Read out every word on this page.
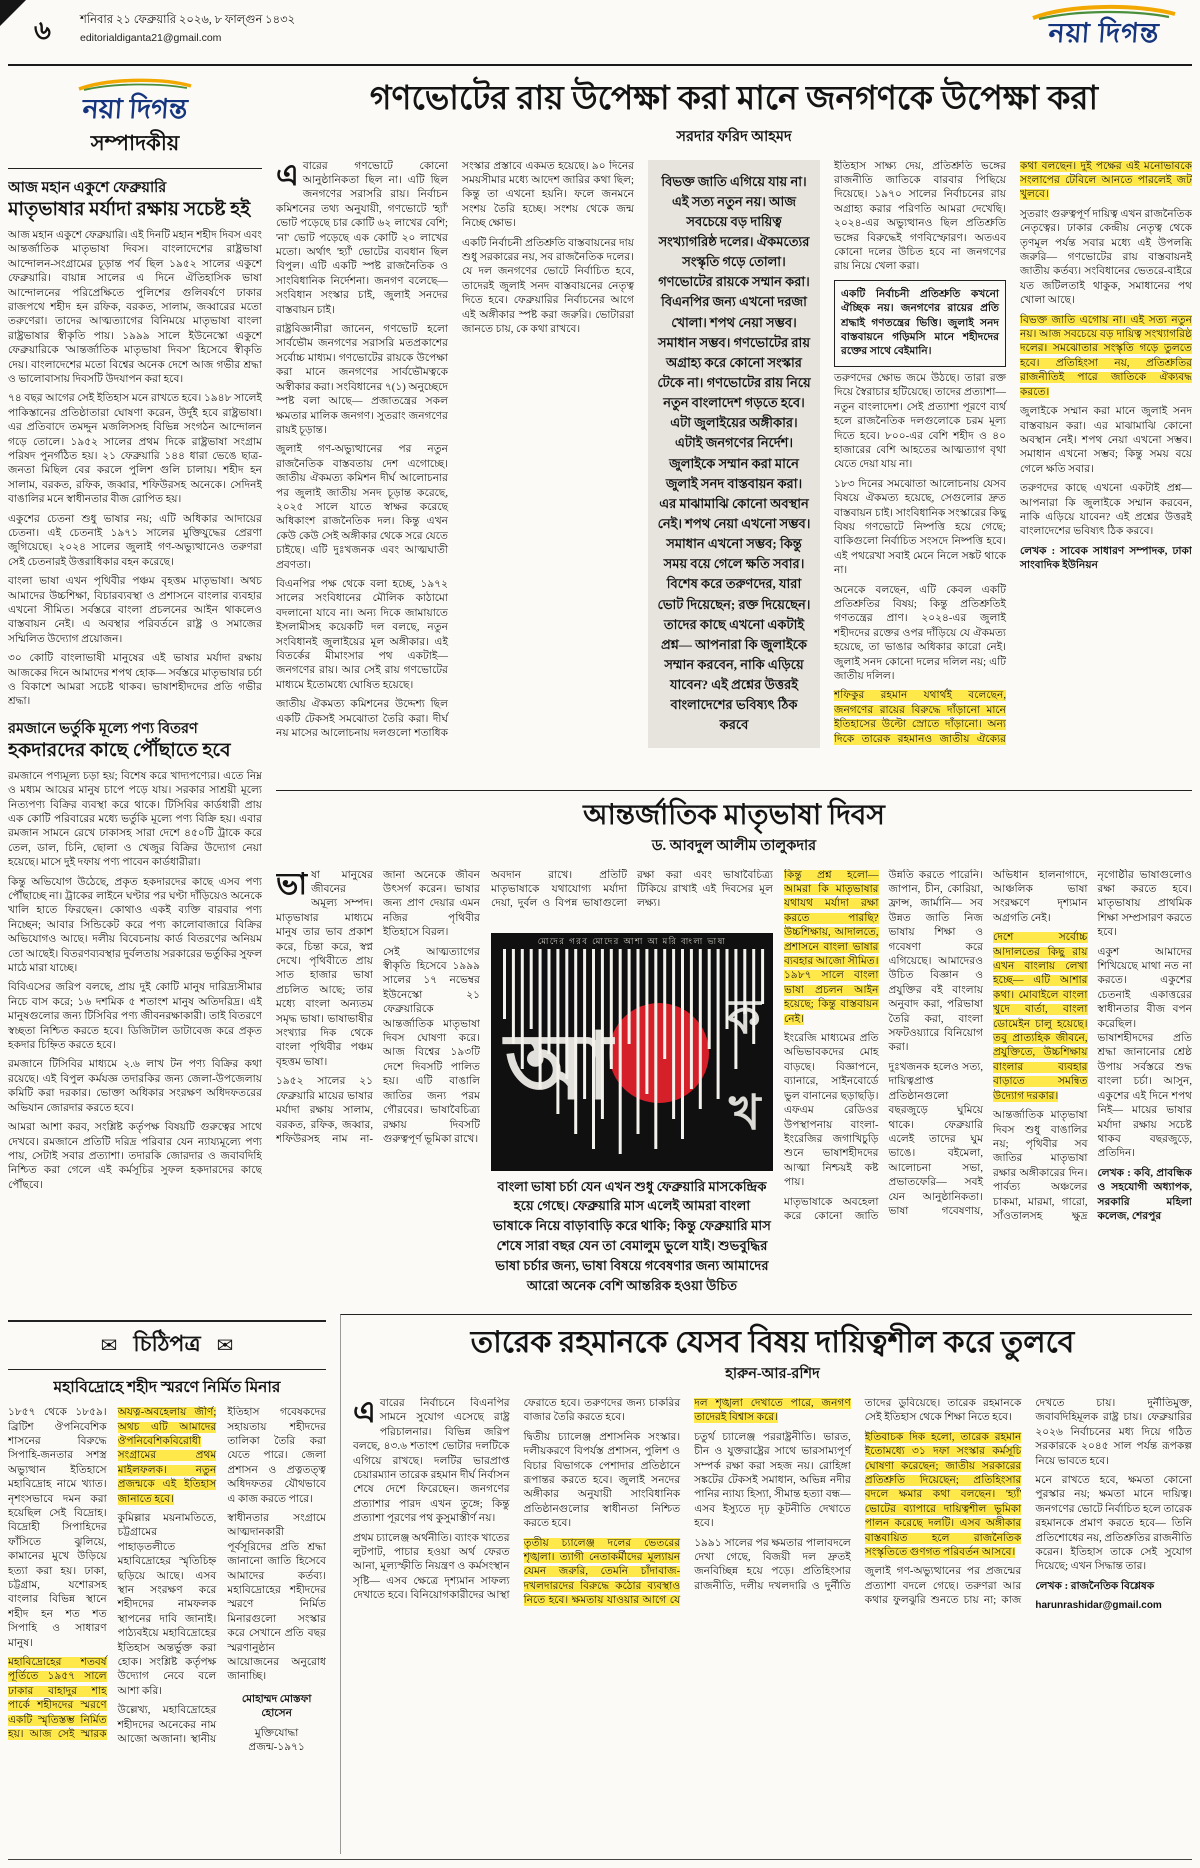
৬	শনিবার ২১ ফেব্রুয়ারি ২০২৬, ৮ ফাল্গুন ১৪৩২
editorialdiganta21@gmail.com	নয়া দিগন্ত
নয়া দিগন্ত
সম্পাদকীয়
আজ মহান একুশে ফেব্রুয়ারি
মাতৃভাষার মর্যাদা রক্ষায় সচেষ্ট হই

আজ মহান একুশে ফেব্রুয়ারি। এই দিনটি মহান শহীদ দিবস এবং আন্তর্জাতিক মাতৃভাষা দিবস। বাংলাদেশের রাষ্ট্রভাষা আন্দোলন-সংগ্রামের চূড়ান্ত পর্ব ছিল ১৯৫২ সালের একুশে ফেব্রুয়ারি। বায়ান্ন সালের এ দিনে ঐতিহাসিক ভাষা আন্দোলনের পরিপ্রেক্ষিতে পুলিশের গুলিবর্ষণে ঢাকার রাজপথে শহীদ হন রফিক, বরকত, সালাম, জব্বারের মতো তরুণেরা। তাদের আত্মত্যাগের বিনিময়ে মাতৃভাষা বাংলা রাষ্ট্রভাষার স্বীকৃতি পায়। ১৯৯৯ সালে ইউনেস্কো একুশে ফেব্রুয়ারিকে 'আন্তর্জাতিক মাতৃভাষা দিবস' হিসেবে স্বীকৃতি দেয়। বাংলাদেশের মতো বিশ্বের অনেক দেশে আজ গভীর শ্রদ্ধা ও ভালোবাসায় দিবসটি উদযাপন করা হবে।

৭৪ বছর আগের সেই ইতিহাস মনে রাখতে হবে। ১৯৪৮ সালেই পাকিস্তানের প্রতিষ্ঠাতারা ঘোষণা করেন, উর্দুই হবে রাষ্ট্রভাষা। এর প্রতিবাদে তমদ্দুন মজলিসসহ বিভিন্ন সংগঠন আন্দোলন গড়ে তোলে। ১৯৫২ সালের প্রথম দিকে রাষ্ট্রভাষা সংগ্রাম পরিষদ পুনর্গঠিত হয়। ২১ ফেব্রুয়ারি ১৪৪ ধারা ভেঙে ছাত্র-জনতা মিছিল বের করলে পুলিশ গুলি চালায়। শহীদ হন সালাম, বরকত, রফিক, জব্বার, শফিউরসহ অনেকে। সেদিনই বাঙালির মনে স্বাধীনতার বীজ রোপিত হয়।

একুশের চেতনা শুধু ভাষার নয়; এটি অধিকার আদায়ের চেতনা। এই চেতনাই ১৯৭১ সালের মুক্তিযুদ্ধের প্রেরণা জুগিয়েছে। ২০২৪ সালের জুলাই গণ-অভ্যুত্থানেও তরুণরা সেই চেতনারই উত্তরাধিকার বহন করেছে।

বাংলা ভাষা এখন পৃথিবীর পঞ্চম বৃহত্তম মাতৃভাষা। অথচ আমাদের উচ্চশিক্ষা, বিচারব্যবস্থা ও প্রশাসনে বাংলার ব্যবহার এখনো সীমিত। সর্বস্তরে বাংলা প্রচলনের আইন থাকলেও বাস্তবায়ন নেই। এ অবস্থার পরিবর্তনে রাষ্ট্র ও সমাজের সম্মিলিত উদ্যোগ প্রয়োজন।

৩০ কোটি বাংলাভাষী মানুষের এই ভাষার মর্যাদা রক্ষায় আজকের দিনে আমাদের শপথ হোক— সর্বস্তরে মাতৃভাষার চর্চা ও বিকাশে আমরা সচেষ্ট থাকব। ভাষাশহীদদের প্রতি গভীর শ্রদ্ধা।

রমজানে ভর্তুকি মূল্যে পণ্য বিতরণ
হকদারদের কাছে পৌঁছাতে হবে

রমজানে পণ্যমূল্য চড়া হয়; বিশেষ করে খাদ্যপণ্যের। এতে নিম্ন ও মধ্যম আয়ের মানুষ চাপে পড়ে যায়। সরকার সাশ্রয়ী মূল্যে নিত্যপণ্য বিক্রির ব্যবস্থা করে থাকে। টিসিবির কার্ডধারী প্রায় এক কোটি পরিবারের মধ্যে ভর্তুকি মূল্যে পণ্য বিক্রি হয়। এবার রমজান সামনে রেখে ঢাকাসহ সারা দেশে ৪৫০টি ট্রাকে করে তেল, ডাল, চিনি, ছোলা ও খেজুর বিক্রির উদ্যোগ নেয়া হয়েছে। মাসে দুই দফায় পণ্য পাবেন কার্ডধারীরা।

কিন্তু অভিযোগ উঠেছে, প্রকৃত হকদারদের কাছে এসব পণ্য পৌঁছাচ্ছে না। ট্রাকের লাইনে ঘণ্টার পর ঘণ্টা দাঁড়িয়েও অনেকে খালি হাতে ফিরছেন। কোথাও একই ব্যক্তি বারবার পণ্য নিচ্ছেন; আবার সিন্ডিকেট করে পণ্য কালোবাজারে বিক্রির অভিযোগও আছে। দলীয় বিবেচনায় কার্ড বিতরণের অনিয়ম তো আছেই। বিতরণব্যবস্থার দুর্বলতায় সরকারের ভর্তুকির সুফল মাঠে মারা যাচ্ছে।

বিবিএসের জরিপ বলছে, প্রায় দুই কোটি মানুষ দারিদ্র্যসীমার নিচে বাস করে; ১৬ দশমিক ৫ শতাংশ মানুষ অতিদরিদ্র। এই মানুষগুলোর জন্য টিসিবির পণ্য জীবনরক্ষাকারী। তাই বিতরণে স্বচ্ছতা নিশ্চিত করতে হবে। ডিজিটাল ডাটাবেজ করে প্রকৃত হকদার চিহ্নিত করতে হবে।

রমজানে টিসিবির মাধ্যমে ২.৬ লাখ টন পণ্য বিক্রির কথা রয়েছে। এই বিপুল কর্মযজ্ঞ তদারকির জন্য জেলা-উপজেলায় কমিটি করা দরকার। ভোক্তা অধিকার সংরক্ষণ অধিদফতরের অভিযান জোরদার করতে হবে।

আমরা আশা করব, সংশ্লিষ্ট কর্তৃপক্ষ বিষয়টি গুরুত্বের সাথে দেখবে। রমজানে প্রতিটি দরিদ্র পরিবার যেন ন্যায্যমূল্যে পণ্য পায়, সেটাই সবার প্রত্যাশা। তদারকি জোরদার ও জবাবদিহি নিশ্চিত করা গেলে এই কর্মসূচির সুফল হকদারদের কাছে পৌঁছবে।

✉ চিঠিপত্র ✉
মহাবিদ্রোহে শহীদ স্মরণে নির্মিত মিনার

১৮৫৭ থেকে ১৮৫৯। ব্রিটিশ ঔপনিবেশিক শাসনের বিরুদ্ধে সিপাহি-জনতার সশস্ত্র অভ্যুত্থান ইতিহাসে মহাবিদ্রোহ নামে খ্যাত। নৃশংসভাবে দমন করা হয়েছিল সেই বিদ্রোহ। বিদ্রোহী সিপাহিদের ফাঁসিতে ঝুলিয়ে, কামানের মুখে উড়িয়ে হত্যা করা হয়। ঢাকা, চট্টগ্রাম, যশোরসহ বাংলার বিভিন্ন স্থানে শহীদ হন শত শত সিপাহি ও সাধারণ মানুষ।

মহাবিদ্রোহের শতবর্ষ পূর্তিতে ১৯৫৭ সালে ঢাকার বাহাদুর শাহ পার্কে শহীদদের স্মরণে একটি স্মৃতিস্তম্ভ নির্মিত হয়। আজ সেই স্মারক অযত্ন-অবহেলায় জীর্ণ; অথচ এটি আমাদের ঔপনিবেশিকবিরোধী সংগ্রামের প্রথম মাইলফলক। নতুন প্রজন্মকে এই ইতিহাস জানাতে হবে।

কুমিল্লার ময়নামতিতে, চট্টগ্রামের পাহাড়তলীতে মহাবিদ্রোহের স্মৃতিচিহ্ন ছড়িয়ে আছে। এসব স্থান সংরক্ষণ করে শহীদদের নামফলক স্থাপনের দাবি জানাই। পাঠ্যবইয়ে মহাবিদ্রোহের ইতিহাস অন্তর্ভুক্ত করা হোক। সংশ্লিষ্ট কর্তৃপক্ষ উদ্যোগ নেবে বলে আশা করি।

উল্লেখ্য, মহাবিদ্রোহের শহীদদের অনেকের নাম আজো অজানা। স্থানীয় ইতিহাস গবেষকদের সহায়তায় শহীদদের তালিকা তৈরি করা যেতে পারে। জেলা প্রশাসন ও প্রত্নতত্ত্ব অধিদফতর যৌথভাবে এ কাজ করতে পারে।

স্বাধীনতার সংগ্রামে আত্মদানকারী পূর্বসূরিদের প্রতি শ্রদ্ধা জানানো জাতি হিসেবে আমাদের কর্তব্য। মহাবিদ্রোহের শহীদদের স্মরণে নির্মিত মিনারগুলো সংস্কার করে সেখানে প্রতি বছর স্মরণানুষ্ঠান আয়োজনের অনুরোধ জানাচ্ছি।

মোহাম্মদ মোস্তফা হোসেন

মুক্তিযোদ্ধা প্রজন্ম-১৯৭১

গণভোটের রায় উপেক্ষা করা মানে জনগণকে উপেক্ষা করা
সরদার ফরিদ আহমদ

এবারের গণভোটে কোনো আনুষ্ঠানিকতা ছিল না। এটি ছিল জনগণের সরাসরি রায়। নির্বাচন কমিশনের তথ্য অনুযায়ী, গণভোটে 'হ্যাঁ' ভোট পড়েছে চার কোটি ৬২ লাখের বেশি; 'না' ভোট পড়েছে এক কোটি ২০ লাখের মতো। অর্থাৎ 'হ্যাঁ' ভোটের ব্যবধান ছিল বিপুল। এটি একটি স্পষ্ট রাজনৈতিক ও সাংবিধানিক নির্দেশনা। জনগণ বলেছে— সংবিধান সংস্কার চাই, জুলাই সনদের বাস্তবায়ন চাই।

রাষ্ট্রবিজ্ঞানীরা জানেন, গণভোট হলো সার্বভৌম জনগণের সরাসরি মতপ্রকাশের সর্বোচ্চ মাধ্যম। গণভোটের রায়কে উপেক্ষা করা মানে জনগণের সার্বভৌমত্বকে অস্বীকার করা। সংবিধানের ৭(১) অনুচ্ছেদে স্পষ্ট বলা আছে— প্রজাতন্ত্রের সকল ক্ষমতার মালিক জনগণ। সুতরাং জনগণের রায়ই চূড়ান্ত।

জুলাই গণ-অভ্যুত্থানের পর নতুন রাজনৈতিক বাস্তবতায় দেশ এগোচ্ছে। জাতীয় ঐকমত্য কমিশন দীর্ঘ আলোচনার পর জুলাই জাতীয় সনদ চূড়ান্ত করেছে, ২০২৫ সালে যাতে স্বাক্ষর করেছে অধিকাংশ রাজনৈতিক দল। কিন্তু এখন কেউ কেউ সেই অঙ্গীকার থেকে সরে যেতে চাইছে। এটি দুঃখজনক এবং আত্মঘাতী প্রবণতা।

বিএনপির পক্ষ থেকে বলা হচ্ছে, ১৯৭২ সালের সংবিধানের মৌলিক কাঠামো বদলানো যাবে না। অন্য দিকে জামায়াতে ইসলামীসহ কয়েকটি দল বলছে, নতুন সংবিধানই জুলাইয়ের মূল অঙ্গীকার। এই বিতর্কের মীমাংসার পথ একটাই— জনগণের রায়। আর সেই রায় গণভোটের মাধ্যমে ইতোমধ্যে ঘোষিত হয়েছে।

জাতীয় ঐকমত্য কমিশনের উদ্দেশ্য ছিল একটি টেকসই সমঝোতা তৈরি করা। দীর্ঘ নয় মাসের আলোচনায় দলগুলো শতাধিক সংস্কার প্রস্তাবে একমত হয়েছে। ৯০ দিনের সময়সীমার মধ্যে আদেশ জারির কথা ছিল; কিন্তু তা এখনো হয়নি। ফলে জনমনে সংশয় তৈরি হচ্ছে। সংশয় থেকে জন্ম নিচ্ছে ক্ষোভ।

একটি নির্বাচনী প্রতিশ্রুতি বাস্তবায়নের দায় শুধু সরকারের নয়, সব রাজনৈতিক দলের। যে দল জনগণের ভোটে নির্বাচিত হবে, তাদেরই জুলাই সনদ বাস্তবায়নের নেতৃত্ব দিতে হবে। ফেব্রুয়ারির নির্বাচনের আগে এই অঙ্গীকার স্পষ্ট করা জরুরি। ভোটাররা জানতে চায়, কে কথা রাখবে।

বিভক্ত জাতি এগিয়ে যায় না। এই সত্য নতুন নয়। আজ সবচেয়ে বড় দায়িত্ব সংখ্যাগরিষ্ঠ দলের। ঐকমত্যের সংস্কৃতি গড়ে তোলা। গণভোটের রায়কে সম্মান করা। বিএনপির জন্য এখনো দরজা খোলা। শপথ নেয়া সম্ভব। সমাধান সম্ভব। গণভোটের রায় অগ্রাহ্য করে কোনো সংস্কার টেকে না। গণভোটের রায় নিয়ে নতুন বাংলাদেশ গড়তে হবে। এটা জুলাইয়ের অঙ্গীকার। এটাই জনগণের নির্দেশ। জুলাইকে সম্মান করা মানে জুলাই সনদ বাস্তবায়ন করা। এর মাঝামাঝি কোনো অবস্থান নেই। শপথ নেয়া এখনো সম্ভব। সমাধান এখনো সম্ভব; কিন্তু সময় বয়ে গেলে ক্ষতি সবার। বিশেষ করে তরুণদের, যারা ভোট দিয়েছেন; রক্ত দিয়েছেন। তাদের কাছে এখনো একটাই প্রশ্ন— আপনারা কি জুলাইকে সম্মান করবেন, নাকি এড়িয়ে যাবেন? এই প্রশ্নের উত্তরই বাংলাদেশের ভবিষ্যৎ ঠিক করবে

ইতিহাস সাক্ষ্য দেয়, প্রতিশ্রুতি ভঙ্গের রাজনীতি জাতিকে বারবার পিছিয়ে দিয়েছে। ১৯৭০ সালের নির্বাচনের রায় অগ্রাহ্য করার পরিণতি আমরা দেখেছি। ২০২৪-এর অভ্যুত্থানও ছিল প্রতিশ্রুতি ভঙ্গের বিরুদ্ধেই গণবিস্ফোরণ। অতএব কোনো দলের উচিত হবে না জনগণের রায় নিয়ে খেলা করা।

একটি নির্বাচনী প্রতিশ্রুতি কখনো ঐচ্ছিক নয়। জনগণের রায়ের প্রতি শ্রদ্ধাই গণতন্ত্রের ভিত্তি। জুলাই সনদ বাস্তবায়নে গড়িমসি মানে শহীদদের রক্তের সাথে বেইমানি।

তরুণদের ক্ষোভ জমে উঠছে। তারা রক্ত দিয়ে স্বৈরাচার হটিয়েছে। তাদের প্রত্যাশা— নতুন বাংলাদেশ। সেই প্রত্যাশা পূরণে ব্যর্থ হলে রাজনৈতিক দলগুলোকে চরম মূল্য দিতে হবে। ৮০০-এর বেশি শহীদ ও ৪০ হাজারের বেশি আহতের আত্মত্যাগ বৃথা যেতে দেয়া যায় না।

১৮৩ দিনের সমঝোতা আলোচনায় যেসব বিষয়ে ঐকমত্য হয়েছে, সেগুলোর দ্রুত বাস্তবায়ন চাই। সাংবিধানিক সংস্কারের কিছু বিষয় গণভোটে নিষ্পত্তি হয়ে গেছে; বাকিগুলো নির্বাচিত সংসদে নিষ্পত্তি হবে। এই পথরেখা সবাই মেনে নিলে সঙ্কট থাকে না।

অনেকে বলছেন, এটি কেবল একটি প্রতিশ্রুতির বিষয়; কিন্তু প্রতিশ্রুতিই গণতন্ত্রের প্রাণ। ২০২৪-এর জুলাই শহীদদের রক্তের ওপর দাঁড়িয়ে যে ঐকমত্য হয়েছে, তা ভাঙার অধিকার কারো নেই। জুলাই সনদ কোনো দলের দলিল নয়; এটি জাতীয় দলিল।

শফিকুর রহমান যথার্থই বলেছেন, জনগণের রায়ের বিরুদ্ধে দাঁড়ানো মানে ইতিহাসের উল্টো স্রোতে দাঁড়ানো। অন্য দিকে তারেক রহমানও জাতীয় ঐক্যের কথা বলছেন। দুই পক্ষের এই মনোভাবকে সংলাপের টেবিলে আনতে পারলেই জট খুলবে।

সুতরাং গুরুত্বপূর্ণ দায়িত্ব এখন রাজনৈতিক নেতৃত্বের। ঢাকার কেন্দ্রীয় নেতৃত্ব থেকে তৃণমূল পর্যন্ত সবার মধ্যে এই উপলব্ধি জরুরি— গণভোটের রায় বাস্তবায়নই জাতীয় কর্তব্য। সংবিধানের ভেতরে-বাইরে যত জটিলতাই থাকুক, সমাধানের পথ খোলা আছে।

বিভক্ত জাতি এগোয় না। এই সত্য নতুন নয়। আজ সবচেয়ে বড় দায়িত্ব সংখ্যাগরিষ্ঠ দলের। সমঝোতার সংস্কৃতি গড়ে তুলতে হবে। প্রতিহিংসা নয়, প্রতিশ্রুতির রাজনীতিই পারে জাতিকে ঐক্যবদ্ধ করতে।

জুলাইকে সম্মান করা মানে জুলাই সনদ বাস্তবায়ন করা। এর মাঝামাঝি কোনো অবস্থান নেই। শপথ নেয়া এখনো সম্ভব। সমাধান এখনো সম্ভব; কিন্তু সময় বয়ে গেলে ক্ষতি সবার।

তরুণদের কাছে এখনো একটাই প্রশ্ন— আপনারা কি জুলাইকে সম্মান করবেন, নাকি এড়িয়ে যাবেন? এই প্রশ্নের উত্তরই বাংলাদেশের ভবিষ্যৎ ঠিক করবে।

লেখক : সাবেক সাধারণ সম্পাদক, ঢাকা সাংবাদিক ইউনিয়ন

আন্তর্জাতিক মাতৃভাষা দিবস
ড. আবদুল আলীম তালুকদার

ভাষা মানুষের জীবনের অমূল্য সম্পদ। মাতৃভাষার মাধ্যমে মানুষ তার ভাব প্রকাশ করে, চিন্তা করে, স্বপ্ন দেখে। পৃথিবীতে প্রায় সাত হাজার ভাষা প্রচলিত আছে; তার মধ্যে বাংলা অন্যতম সমৃদ্ধ ভাষা। ভাষাভাষীর সংখ্যার দিক থেকে বাংলা পৃথিবীর পঞ্চম বৃহত্তম ভাষা।

১৯৫২ সালের ২১ ফেব্রুয়ারি মায়ের ভাষার মর্যাদা রক্ষায় সালাম, বরকত, রফিক, জব্বার, শফিউরসহ নাম না-জানা অনেকে জীবন উৎসর্গ করেন। ভাষার জন্য প্রাণ দেয়ার এমন নজির পৃথিবীর ইতিহাসে বিরল।

সেই আত্মত্যাগের স্বীকৃতি হিসেবে ১৯৯৯ সালের ১৭ নভেম্বর ইউনেস্কো ২১ ফেব্রুয়ারিকে আন্তর্জাতিক মাতৃভাষা দিবস ঘোষণা করে। আজ বিশ্বের ১৯৩টি দেশে দিবসটি পালিত হয়। এটি বাঙালি জাতির জন্য পরম গৌরবের। ভাষাবৈচিত্র্য রক্ষায় দিবসটি গুরুত্বপূর্ণ ভূমিকা রাখে।

অবদান রাখে। প্রতিটি মাতৃভাষাকে যথাযোগ্য মর্যাদা দেয়া, দুর্বল ও বিপন্ন ভাষাগুলো রক্ষা করা এবং ভাষাবৈচিত্র্য টিকিয়ে রাখাই এই দিবসের মূল লক্ষ্য।

মোদের গরব মোদের আশা আ মরি বাংলা ভাষা
আ ক
খ
বাংলা ভাষা চর্চা যেন এখন শুধু ফেব্রুয়ারি মাসকেন্দ্রিক হয়ে গেছে। ফেব্রুয়ারি মাস এলেই আমরা বাংলা ভাষাকে নিয়ে বাড়াবাড়ি করে থাকি; কিন্তু ফেব্রুয়ারি মাস শেষে সারা বছর যেন তা বেমালুম ভুলে যাই। শুভবুদ্ধির ভাষা চর্চার জন্য, ভাষা বিষয়ে গবেষণার জন্য আমাদের আরো অনেক বেশি আন্তরিক হওয়া উচিত

কিন্তু প্রশ্ন হলো— আমরা কি মাতৃভাষার যথাযথ মর্যাদা রক্ষা করতে পারছি? উচ্চশিক্ষায়, আদালতে, প্রশাসনে বাংলা ভাষার ব্যবহার আজো সীমিত। ১৯৮৭ সালে বাংলা ভাষা প্রচলন আইন হয়েছে; কিন্তু বাস্তবায়ন নেই।

ইংরেজি মাধ্যমের প্রতি অভিভ‌াবকদের মোহ বাড়ছে। বিজ্ঞাপনে, ব্যানারে, সাইনবোর্ডে ভুল বানানের ছড়াছড়ি। এফএম রেডিওর উপস্থাপনায় বাংলা-ইংরেজির জগাখিচুড়ি শুনে ভাষাশহীদদের আত্মা নিশ্চয়ই কষ্ট পায়।

মাতৃভাষাকে অবহেলা করে কোনো জাতি উন্নতি করতে পারেনি। জাপান, চীন, কোরিয়া, ফ্রান্স, জার্মানি— সব উন্নত জাতি নিজ ভাষায় শিক্ষা ও গবেষণা করে এগিয়েছে। আমাদেরও উচিত বিজ্ঞান ও প্রযুক্তির বই বাংলায় অনুবাদ করা, পরিভাষা তৈরি করা, বাংলা সফটওয়্যারে বিনিয়োগ করা।

দুঃখজনক হলেও সত্য, দায়িত্বপ্রাপ্ত প্রতিষ্ঠানগুলো বছরজুড়ে ঘুমিয়ে থাকে। ফেব্রুয়ারি এলেই তাদের ঘুম ভাঙে। বইমেলা, আলোচনা সভা, প্রভাতফেরি— সবই যেন আনুষ্ঠানিকতা। ভাষা গবেষণায়, অভিধান হালনাগাদে, আঞ্চলিক ভাষা সংরক্ষণে দৃশ্যমান অগ্রগতি নেই।

দেশে সর্বোচ্চ আদালতের কিছু রায় এখন বাংলায় লেখা হচ্ছে— এটি আশার কথা। মোবাইলে বাংলা খুদে বার্তা, বাংলা ডোমেইন চালু হয়েছে। তবু প্রাত্যহিক জীবনে, প্রযুক্তিতে, উচ্চশিক্ষায় বাংলার ব্যবহার বাড়াতে সমন্বিত উদ্যোগ দরকার।

আন্তর্জাতিক মাতৃভাষা দিবস শুধু বাঙালির নয়; পৃথিবীর সব জাতির মাতৃভাষা রক্ষার অঙ্গীকারের দিন। পার্বত্য অঞ্চলের চাকমা, মারমা, গারো, সাঁওতালসহ ক্ষুদ্র নৃগোষ্ঠীর ভাষাগুলোও রক্ষা করতে হবে। মাতৃভাষায় প্রাথমিক শিক্ষা সম্প্রসারণ করতে হবে।

একুশ আমাদের শিখিয়েছে মাথা নত না করতে। একুশের চেতনাই একাত্তরের স্বাধীনতার বীজ বপন করেছিল। ভাষাশহীদদের প্রতি শ্রদ্ধা জানানোর শ্রেষ্ঠ উপায় সর্বস্তরে শুদ্ধ বাংলা চর্চা। আসুন, একুশের এই দিনে শপথ নিই— মায়ের ভাষার মর্যাদা রক্ষায় সচেষ্ট থাকব বছরজুড়ে, প্রতিদিন।

লেখক : কবি, প্রাবন্ধিক ও সহযোগী অধ্যাপক, সরকারি মহিলা কলেজ, শেরপুর

তারেক রহমানকে যেসব বিষয় দায়িত্বশীল করে তুলবে
হারুন-আর-রশিদ

এবারের নির্বাচনে বিএনপির সামনে সুযোগ এসেছে রাষ্ট্র পরিচালনার। বিভিন্ন জরিপ বলছে, ৪৩.৬ শতাংশ ভোটার দলটিকে এগিয়ে রাখছে। দলটির ভারপ্রাপ্ত চেয়ারম্যান তারেক রহমান দীর্ঘ নির্বাসন শেষে দেশে ফিরেছেন। জনগণের প্রত্যাশার পারদ এখন তুঙ্গে; কিন্তু প্রত্যাশা পূরণের পথ কুসুমাস্তীর্ণ নয়।

প্রথম চ্যালেঞ্জ অর্থনীতি। ব্যাংক খাতের লুটপাট, পাচার হওয়া অর্থ ফেরত আনা, মূল্যস্ফীতি নিয়ন্ত্রণ ও কর্মসংস্থান সৃষ্টি— এসব ক্ষেত্রে দৃশ্যমান সাফল্য দেখাতে হবে। বিনিয়োগকারীদের আস্থা ফেরাতে হবে। তরুণদের জন্য চাকরির বাজার তৈরি করতে হবে।

দ্বিতীয় চ্যালেঞ্জ প্রশাসনিক সংস্কার। দলীয়করণে বিপর্যস্ত প্রশাসন, পুলিশ ও বিচার বিভাগকে পেশাদার প্রতিষ্ঠানে রূপান্তর করতে হবে। জুলাই সনদের অঙ্গীকার অনুযায়ী সাংবিধানিক প্রতিষ্ঠানগুলোর স্বাধীনতা নিশ্চিত করতে হবে।

তৃতীয় চ্যালেঞ্জ দলের ভেতরের শৃঙ্খলা। ত্যাগী নেতাকর্মীদের মূল্যায়ন যেমন জরুরি, তেমনি চাঁদাবাজ-দখলদারদের বিরুদ্ধে কঠোর ব্যবস্থাও নিতে হবে। ক্ষমতায় যাওয়ার আগে যে দল শৃঙ্খলা দেখাতে পারে, জনগণ তাদেরই বিশ্বাস করে।

চতুর্থ চ্যালেঞ্জ পররাষ্ট্রনীতি। ভারত, চীন ও যুক্তরাষ্ট্রের সাথে ভারসাম্যপূর্ণ সম্পর্ক রক্ষা করা সহজ নয়। রোহিঙ্গা সঙ্কটের টেকসই সমাধান, অভিন্ন নদীর পানির ন্যায্য হিস্যা, সীমান্ত হত্যা বন্ধ— এসব ইস্যুতে দৃঢ় কূটনীতি দেখাতে হবে।

১৯৯১ সালের পর ক্ষমতার পালাবদলে দেখা গেছে, বিজয়ী দল দ্রুতই জনবিচ্ছিন্ন হয়ে পড়ে। প্রতিহিংসার রাজনীতি, দলীয় দখলদারি ও দুর্নীতি তাদের ডুবিয়েছে। তারেক রহমানকে সেই ইতিহাস থেকে শিক্ষা নিতে হবে।

ইতিবাচক দিক হলো, তারেক রহমান ইতোমধ্যে ৩১ দফা সংস্কার কর্মসূচি ঘোষণা করেছেন; জাতীয় সরকারের প্রতিশ্রুতি দিয়েছেন; প্রতিহিংসার বদলে ক্ষমার কথা বলছেন। 'হ্যাঁ' ভোটের ব্যাপারে দায়িত্বশীল ভূমিকা পালন করেছে দলটি। এসব অঙ্গীকার বাস্তবায়িত হলে রাজনৈতিক সংস্কৃতিতে গুণগত পরিবর্তন আসবে।

জুলাই গণ-অভ্যুত্থানের পর প্রজন্মের প্রত্যাশা বদলে গেছে। তরুণরা আর কথার ফুলঝুরি শুনতে চায় না; কাজ দেখতে চায়। দুর্নীতিমুক্ত, জবাবদিহিমূলক রাষ্ট্র চায়। ফেব্রুয়ারির ২০২৬ নির্বাচনের মধ্য দিয়ে গঠিত সরকারকে ২০৪৫ সাল পর্যন্ত রূপকল্প নিয়ে ভাবতে হবে।

মনে রাখতে হবে, ক্ষমতা কোনো পুরস্কার নয়; ক্ষমতা মানে দায়িত্ব। জনগণের ভোটে নির্বাচিত হলে তারেক রহমানকে প্রমাণ করতে হবে— তিনি প্রতিশোধের নয়, প্রতিশ্রুতির রাজনীতি করেন। ইতিহাস তাকে সেই সুযোগ দিয়েছে; এখন সিদ্ধান্ত তার।

লেখক : রাজনৈতিক বিশ্লেষক

harunrashidar@gmail.com
